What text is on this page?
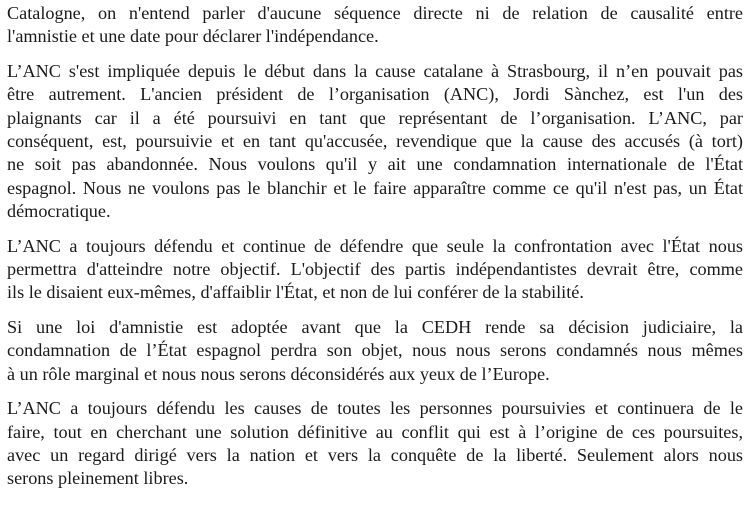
Catalogne, on n'entend parler d'aucune séquence directe ni de relation de causalité entre
l'amnistie et une date pour déclarer l'indépendance.

L’ANC s'est impliquée depuis le début dans la cause catalane à Strasbourg, il n’en pouvait pas
être autrement. L'ancien président de l’organisation (ANC), Jordi Sànchez, est l'un des
plaignants car il a été poursuivi en tant que représentant de l’organisation. L’ANC, par
conséquent, est, poursuivie et en tant qu'accusée, revendique que la cause des accusés (à tort)
ne soit pas abandonnée. Nous voulons qu'il y ait une condamnation internationale de l'État
espagnol. Nous ne voulons pas le blanchir et le faire apparaître comme ce qu'il n'est pas, un État
démocratique.

L’ANC a toujours défendu et continue de défendre que seule la confrontation avec l'État nous
permettra d'atteindre notre objectif. L'objectif des partis indépendantistes devrait être, comme
ils le disaient eux-mêmes, d'affaiblir l'État, et non de lui conférer de la stabilité.

Si une loi d'amnistie est adoptée avant que la CEDH rende sa décision judiciaire, la
condamnation de l’État espagnol perdra son objet, nous nous serons condamnés nous mêmes
à un rôle marginal et nous nous serons déconsidérés aux yeux de l’Europe.

L’ANC a toujours défendu les causes de toutes les personnes poursuivies et continuera de le
faire, tout en cherchant une solution définitive au conflit qui est à l’origine de ces poursuites,
avec un regard dirigé vers la nation et vers la conquête de la liberté. Seulement alors nous
serons pleinement libres.
